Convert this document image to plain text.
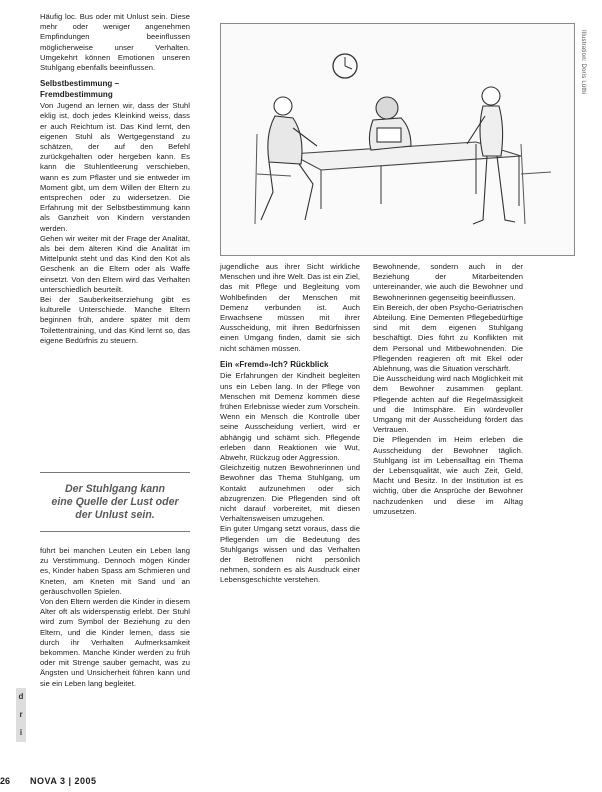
Häufig loc. Bus oder mit Unlust sein. Diese mehr oder weniger angenehmen Empfindungen beeinflussen möglicherweise unser Verhalten. Umgekehrt können Emotionen unseren Stuhlgang ebenfalls beeinflussen.

Selbstbestimmung – Fremdbestimmung

Von Jugend an lernen wir, dass der Stuhl eklig ist, doch jedes Kleinkind weiss, dass er auch Reichtum ist. Das Kind lernt, den eigenen Stuhl als Wertgegenstand zu schätzen, der auf den Befehl zurückgehalten oder hergeben kann. Es kann die Stuhlentleerung verschieben, wann es zum Pflaster und sie entweder im Moment gibt, um dem Willen der Eltern zu entsprechen oder zu widersetzen. Die Erfahrung mit der Selbstbestimmung kann als Ganzheit von Kindern verstanden werden.

Gehen wir weiter mit der Frage der Analität, als bei dem älteren Kind die Analität im Mittelpunkt steht und das Kind den Kot als Geschenk an die Eltern oder als Waffe einsetzt. Von den Eltern wird das Verhalten unterschiedlich beurteilt.

Bei der Sauberkeitserziehung gibt es kulturelle Unterschiede. Manche Eltern beginnen früh, andere später mit dem Toilettentraining, und das Kind lernt so, das eigene Bedürfnis zu steuern.

Der Stuhlgang kann
eine Quelle der Lust oder
der Unlust sein.

führt bei manchen Leuten ein Leben lang zu Verstimmung. Dennoch mögen Kinder es, Kinder haben Spass am Schmieren und Kneten, am Kneten mit Sand und an geräuschvollen Spielen.

Von den Eltern werden die Kinder in diesem Alter oft als widerspenstig erlebt. Der Stuhl wird zum Symbol der Beziehung zu den Eltern, und die Kinder lernen, dass sie durch ihr Verhalten Aufmerksamkeit bekommen. Manche Kinder werden zu früh oder mit Strenge sauber gemacht, was zu Ängsten und Unsicherheit führen kann und sie ein Leben lang begleitet.

Illustration: Doris Lüthi

jugendliche aus ihrer Sicht wirkliche Menschen und ihre Welt. Das ist ein Ziel, das mit Pflege und Begleitung vom Wohlbefinden der Menschen mit Demenz verbunden ist. Auch Erwachsene müssen mit ihrer Ausscheidung, mit ihren Bedürfnissen einen Umgang finden, damit sie sich nicht schämen müssen.

Ein «Fremd»-Ich? Rückblick

Die Erfahrungen der Kindheit begleiten uns ein Leben lang. In der Pflege von Menschen mit Demenz kommen diese frühen Erlebnisse wieder zum Vorschein. Wenn ein Mensch die Kontrolle über seine Ausscheidung verliert, wird er abhängig und schämt sich. Pflegende erleben dann Reaktionen wie Wut, Abwehr, Rückzug oder Aggression.

Gleichzeitig nutzen Bewohnerinnen und Bewohner das Thema Stuhlgang, um Kontakt aufzunehmen oder sich abzugrenzen. Die Pflegenden sind oft nicht darauf vorbereitet, mit diesen Verhaltensweisen umzugehen.

Ein guter Umgang setzt voraus, dass die Pflegenden um die Bedeutung des Stuhlgangs wissen und das Verhalten der Betroffenen nicht persönlich nehmen, sondern es als Ausdruck einer Lebensgeschichte verstehen.

Bewohnende, sondern auch in der Beziehung der Mitarbeitenden untereinander, wie auch die Bewohner und Bewohnerinnen gegenseitig beeinflussen.

Ein Bereich, der oben Psycho-Geriatrischen Abteilung. Eine Dementen Pflegebedürftige sind mit dem eigenen Stuhlgang beschäftigt. Dies führt zu Konflikten mit dem Personal und Mitbewohnenden. Die Pflegenden reagieren oft mit Ekel oder Ablehnung, was die Situation verschärft.

Die Ausscheidung wird nach Möglichkeit mit dem Bewohner zusammen geplant. Pflegende achten auf die Regelmässigkeit und die Intimsphäre. Ein würdevoller Umgang mit der Ausscheidung fördert das Vertrauen.

Die Pflegenden im Heim erleben die Ausscheidung der Bewohner täglich. Stuhlgang ist im Lebensalltag ein Thema der Lebensqualität, wie auch Zeit, Geld, Macht und Besitz. In der Institution ist es wichtig, über die Ansprüche der Bewohner nachzudenken und diese im Alltag umzusetzen.

d
r
i
26 NOVA 3 | 2005
